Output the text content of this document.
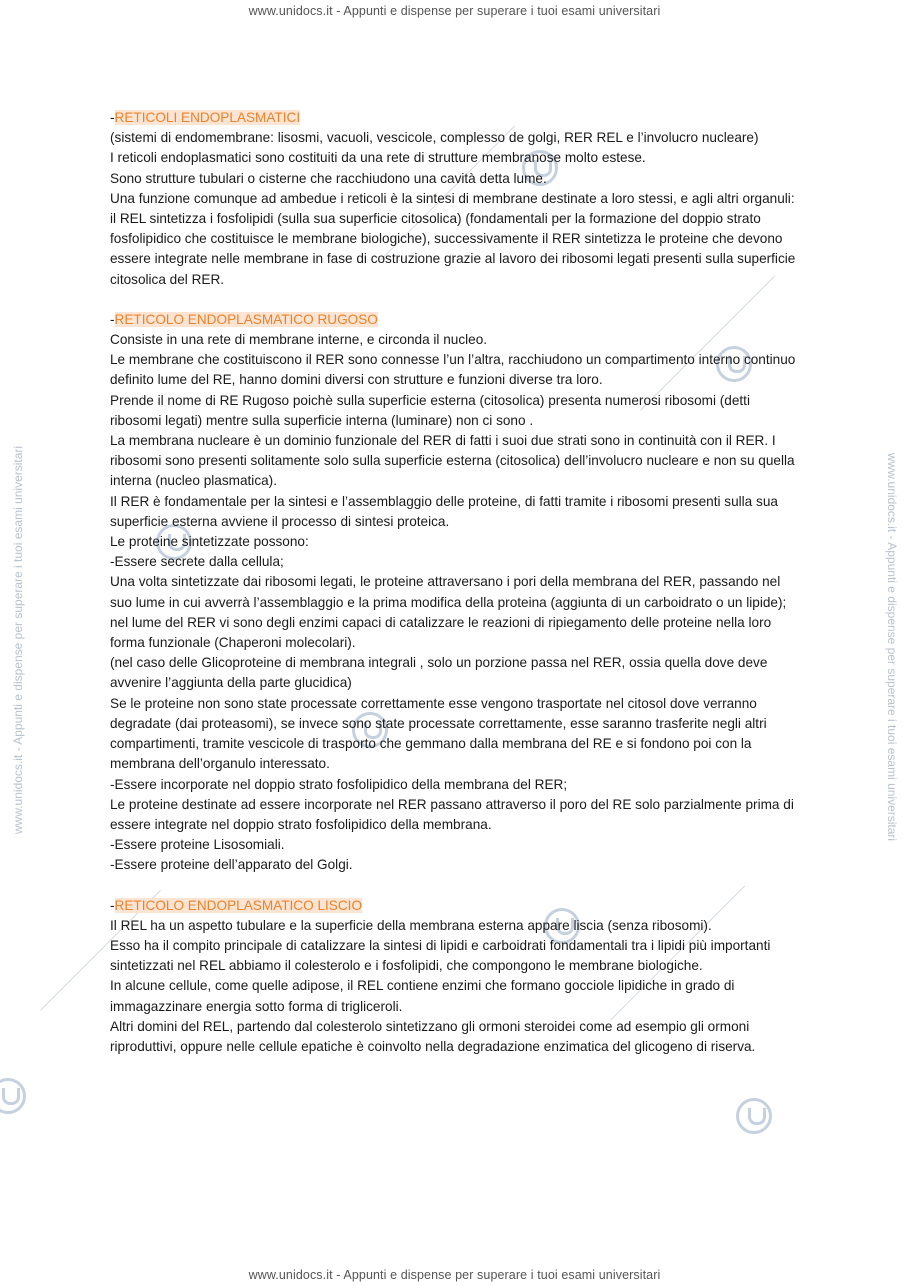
www.unidocs.it - Appunti e dispense per superare i tuoi esami universitari
www.unidocs.it - Appunti e dispense per superare i tuoi esami universitari
www.unidocs.it - Appunti e dispense per superare i tuoi esami universitari	www.unidocs.it - Appunti e dispense per superare i tuoi esami universitari

-RETICOLI ENDOPLASMATICI

(sistemi di endomembrane: lisosmi, vacuoli, vescicole, complesso de golgi, RER REL e l’involucro nucleare)

I reticoli endoplasmatici sono costituiti da una rete di strutture membranose molto estese.

Sono strutture tubulari o cisterne che racchiudono una cavità detta lume.

Una funzione comunque ad ambedue i reticoli è la sintesi di membrane destinate a loro stessi, e agli altri organuli:

il REL sintetizza i fosfolipidi (sulla sua superficie citosolica) (fondamentali per la formazione del doppio strato fosfolipidico che costituisce le membrane biologiche), successivamente il RER sintetizza le proteine che devono essere integrate nelle membrane in fase di costruzione grazie al lavoro dei ribosomi legati presenti sulla superficie citosolica del RER.

-RETICOLO ENDOPLASMATICO RUGOSO

Consiste in una rete di membrane interne, e circonda il nucleo.

Le membrane che costituiscono il RER sono connesse l’un l’altra, racchiudono un compartimento interno continuo definito lume del RE, hanno domini diversi con strutture e funzioni diverse tra loro.

Prende il nome di RE Rugoso poichè sulla superficie esterna (citosolica) presenta numerosi ribosomi (detti ribosomi legati) mentre sulla superficie interna (luminare) non ci sono .

La membrana nucleare è un dominio funzionale del RER di fatti i suoi due strati sono in continuità con il RER. I ribosomi sono presenti solitamente solo sulla superficie esterna (citosolica) dell’involucro nucleare e non su quella interna (nucleo plasmatica).

Il RER è fondamentale per la sintesi e l’assemblaggio delle proteine, di fatti tramite i ribosomi presenti sulla sua superficie esterna avviene il processo di sintesi proteica.

Le proteine sintetizzate possono:

-Essere secrete dalla cellula;

Una volta sintetizzate dai ribosomi legati, le proteine attraversano i pori della membrana del RER, passando nel suo lume in cui avverrà l’assemblaggio e la prima modifica della proteina (aggiunta di un carboidrato o un lipide); nel lume del RER vi sono degli enzimi capaci di catalizzare le reazioni di ripiegamento delle proteine nella loro forma funzionale (Chaperoni molecolari).

(nel caso delle Glicoproteine di membrana integrali , solo un porzione passa nel RER, ossia quella dove deve avvenire l’aggiunta della parte glucidica)

Se le proteine non sono state processate correttamente esse vengono trasportate nel citosol dove verranno degradate (dai proteasomi), se invece sono state processate correttamente, esse saranno trasferite negli altri compartimenti, tramite vescicole di trasporto che gemmano dalla membrana del RE e si fondono poi con la membrana dell’organulo interessato.

-Essere incorporate nel doppio strato fosfolipidico della membrana del RER;

Le proteine destinate ad essere incorporate nel RER passano attraverso il poro del RE solo parzialmente prima di essere integrate nel doppio strato fosfolipidico della membrana.

-Essere proteine Lisosomiali.

-Essere proteine dell’apparato del Golgi.

-RETICOLO ENDOPLASMATICO LISCIO

Il REL ha un aspetto tubulare e la superficie della membrana esterna appare liscia (senza ribosomi).

Esso ha il compito principale di catalizzare la sintesi di lipidi e carboidrati fondamentali tra i lipidi più importanti sintetizzati nel REL abbiamo il colesterolo e i fosfolipidi, che compongono le membrane biologiche.

In alcune cellule, come quelle adipose, il REL contiene enzimi che formano gocciole lipidiche in grado di immagazzinare energia sotto forma di trigliceroli.

Altri domini del REL, partendo dal colesterolo sintetizzano gli ormoni steroidei come ad esempio gli ormoni riproduttivi, oppure nelle cellule epatiche è coinvolto nella degradazione enzimatica del glicogeno di riserva.
